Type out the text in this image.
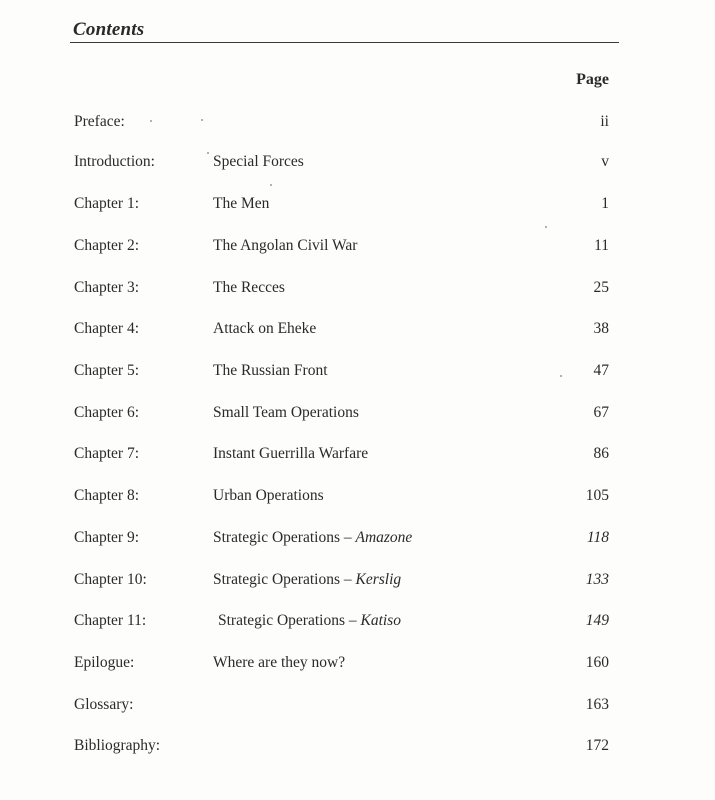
Contents
Page
Preface:	ii
Introduction:	Special Forces	v
Chapter 1:	The Men	1
Chapter 2:	The Angolan Civil War	11
Chapter 3:	The Recces	25
Chapter 4:	Attack on Eheke	38
Chapter 5:	The Russian Front	47
Chapter 6:	Small Team Operations	67
Chapter 7:	Instant Guerrilla Warfare	86
Chapter 8:	Urban Operations	105
Chapter 9:	Strategic Operations – Amazone	118
Chapter 10:	Strategic Operations – Kerslig	133
Chapter 11:	Strategic Operations – Katiso	149
Epilogue:	Where are they now?	160
Glossary:	163
Bibliography:	172
